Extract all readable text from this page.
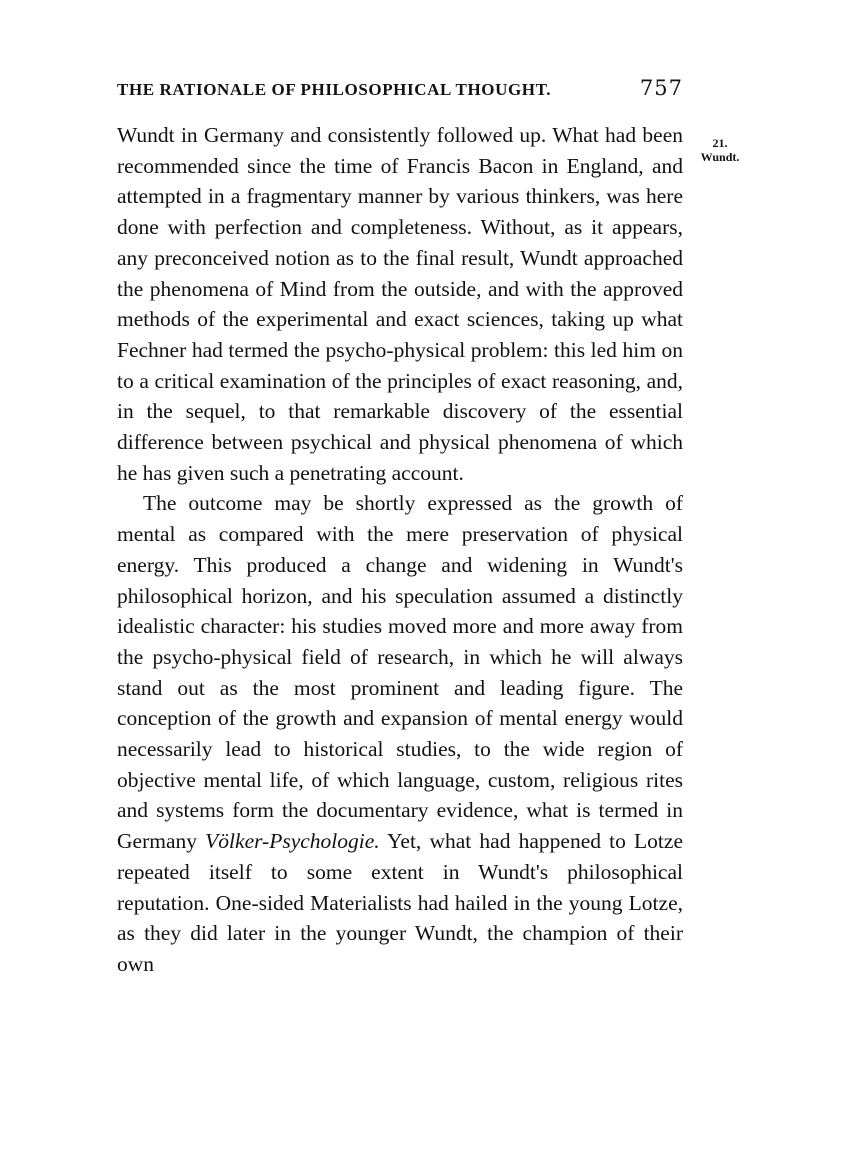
THE RATIONALE OF PHILOSOPHICAL THOUGHT.	757
21.
Wundt.

Wundt in Germany and consistently followed up. What had been recommended since the time of Francis Bacon in England, and attempted in a fragmentary manner by various thinkers, was here done with perfection and completeness. Without, as it appears, any preconceived notion as to the final result, Wundt approached the phenomena of Mind from the outside, and with the approved methods of the experimental and exact sciences, taking up what Fechner had termed the psycho-physical problem: this led him on to a critical examination of the principles of exact reasoning, and, in the sequel, to that remarkable discovery of the essential difference between psychical and physical phenomena of which he has given such a penetrating account.

The outcome may be shortly expressed as the growth of mental as compared with the mere preservation of physical energy. This produced a change and widening in Wundt's philosophical horizon, and his speculation assumed a distinctly idealistic character: his studies moved more and more away from the psycho-physical field of research, in which he will always stand out as the most prominent and leading figure. The conception of the growth and expansion of mental energy would necessarily lead to historical studies, to the wide region of objective mental life, of which language, custom, religious rites and systems form the documentary evidence, what is termed in Germany Völker-Psychologie. Yet, what had happened to Lotze repeated itself to some extent in Wundt's philosophical reputation. One-sided Materialists had hailed in the young Lotze, as they did later in the younger Wundt, the champion of their own
